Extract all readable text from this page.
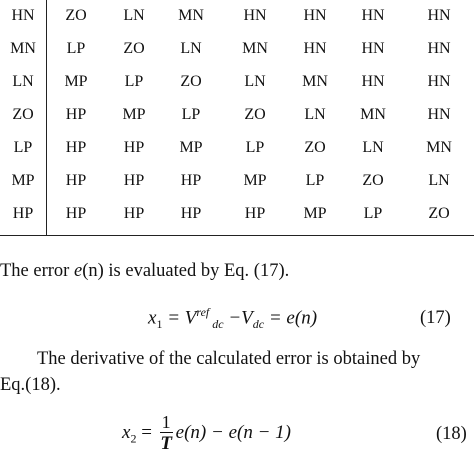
HN	ZO	LN	MN	HN	HN	HN	HN
MN	LP	ZO	LN	MN	HN	HN	HN
LN	MP	LP	ZO	LN	MN	HN	HN
ZO	HP	MP	LP	ZO	LN	MN	HN
LP	HP	HP	MP	LP	ZO	LN	MN
MP	HP	HP	HP	MP	LP	ZO	LN
HP	HP	HP	HP	HP	MP	LP	ZO
The error e(n) is evaluated by Eq. (17).
$x_1 = V^{ref}$ $_{dc} -V_{dc} = e(n)$	(17)
The derivative of the calculated error is obtained by
Eq.(18).
$x_2 = \frac{1}{T} e(n) - e(n - 1)$	(18)
